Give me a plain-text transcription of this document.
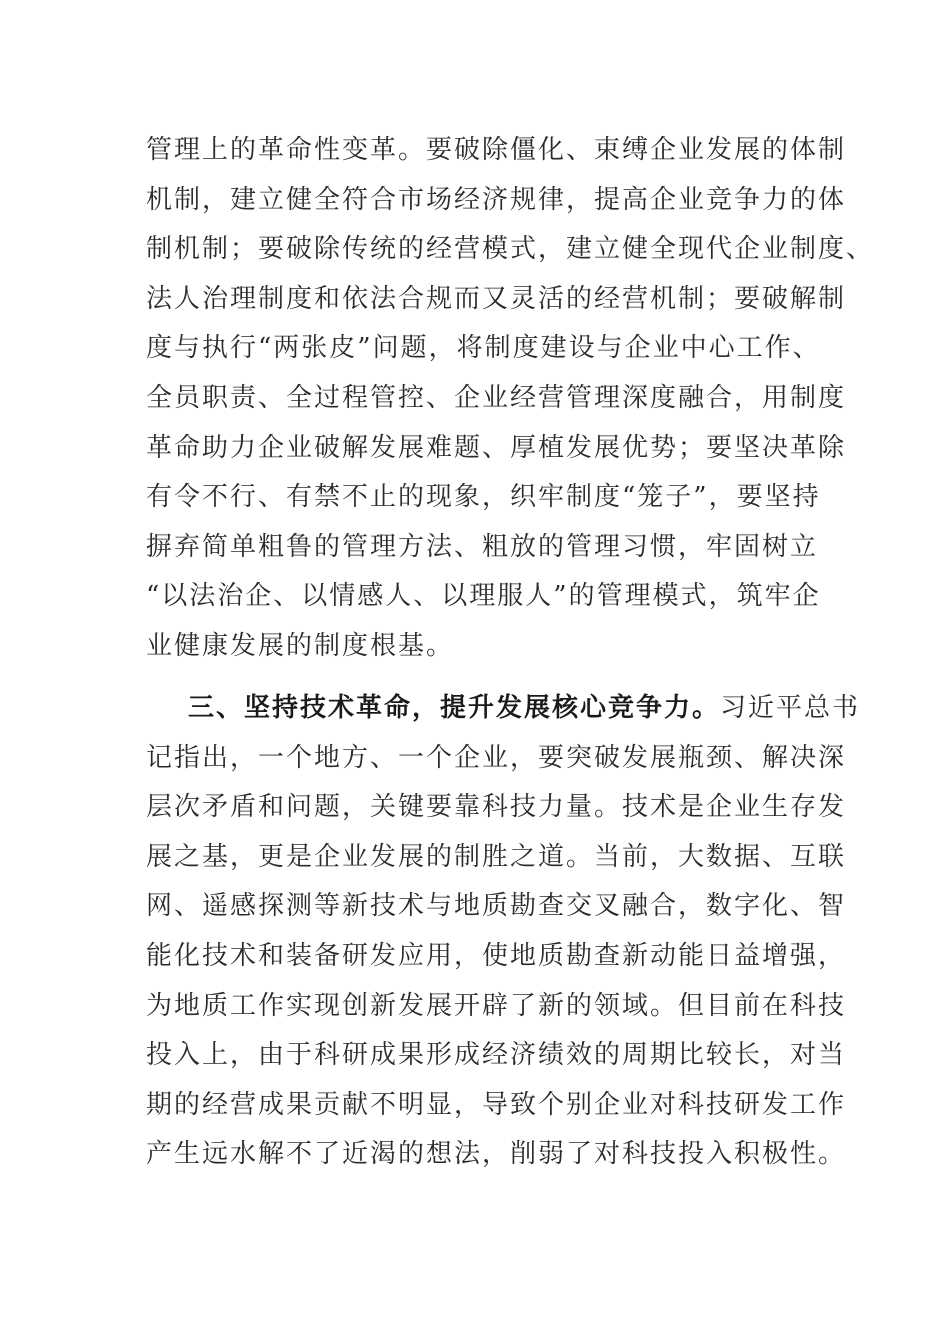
管理上的革命性变革。要破除僵化、束缚企业发展的体制
机制，建立健全符合市场经济规律，提高企业竞争力的体
制机制；要破除传统的经营模式，建立健全现代企业制度、
法人治理制度和依法合规而又灵活的经营机制；要破解制
度与执行“两张皮”问题，将制度建设与企业中心工作、
全员职责、全过程管控、企业经营管理深度融合，用制度
革命助力企业破解发展难题、厚植发展优势；要坚决革除
有令不行、有禁不止的现象，织牢制度“笼子”，要坚持
摒弃简单粗鲁的管理方法、粗放的管理习惯，牢固树立
“以法治企、以情感人、以理服人”的管理模式，筑牢企
业健康发展的制度根基。
三、坚持技术革命，提升发展核心竞争力。习近平总书
记指出，一个地方、一个企业，要突破发展瓶颈、解决深
层次矛盾和问题，关键要靠科技力量。技术是企业生存发
展之基，更是企业发展的制胜之道。当前，大数据、互联
网、遥感探测等新技术与地质勘查交叉融合，数字化、智
能化技术和装备研发应用，使地质勘查新动能日益增强，
为地质工作实现创新发展开辟了新的领域。但目前在科技
投入上，由于科研成果形成经济绩效的周期比较长，对当
期的经营成果贡献不明显，导致个别企业对科技研发工作
产生远水解不了近渴的想法，削弱了对科技投入积极性。
